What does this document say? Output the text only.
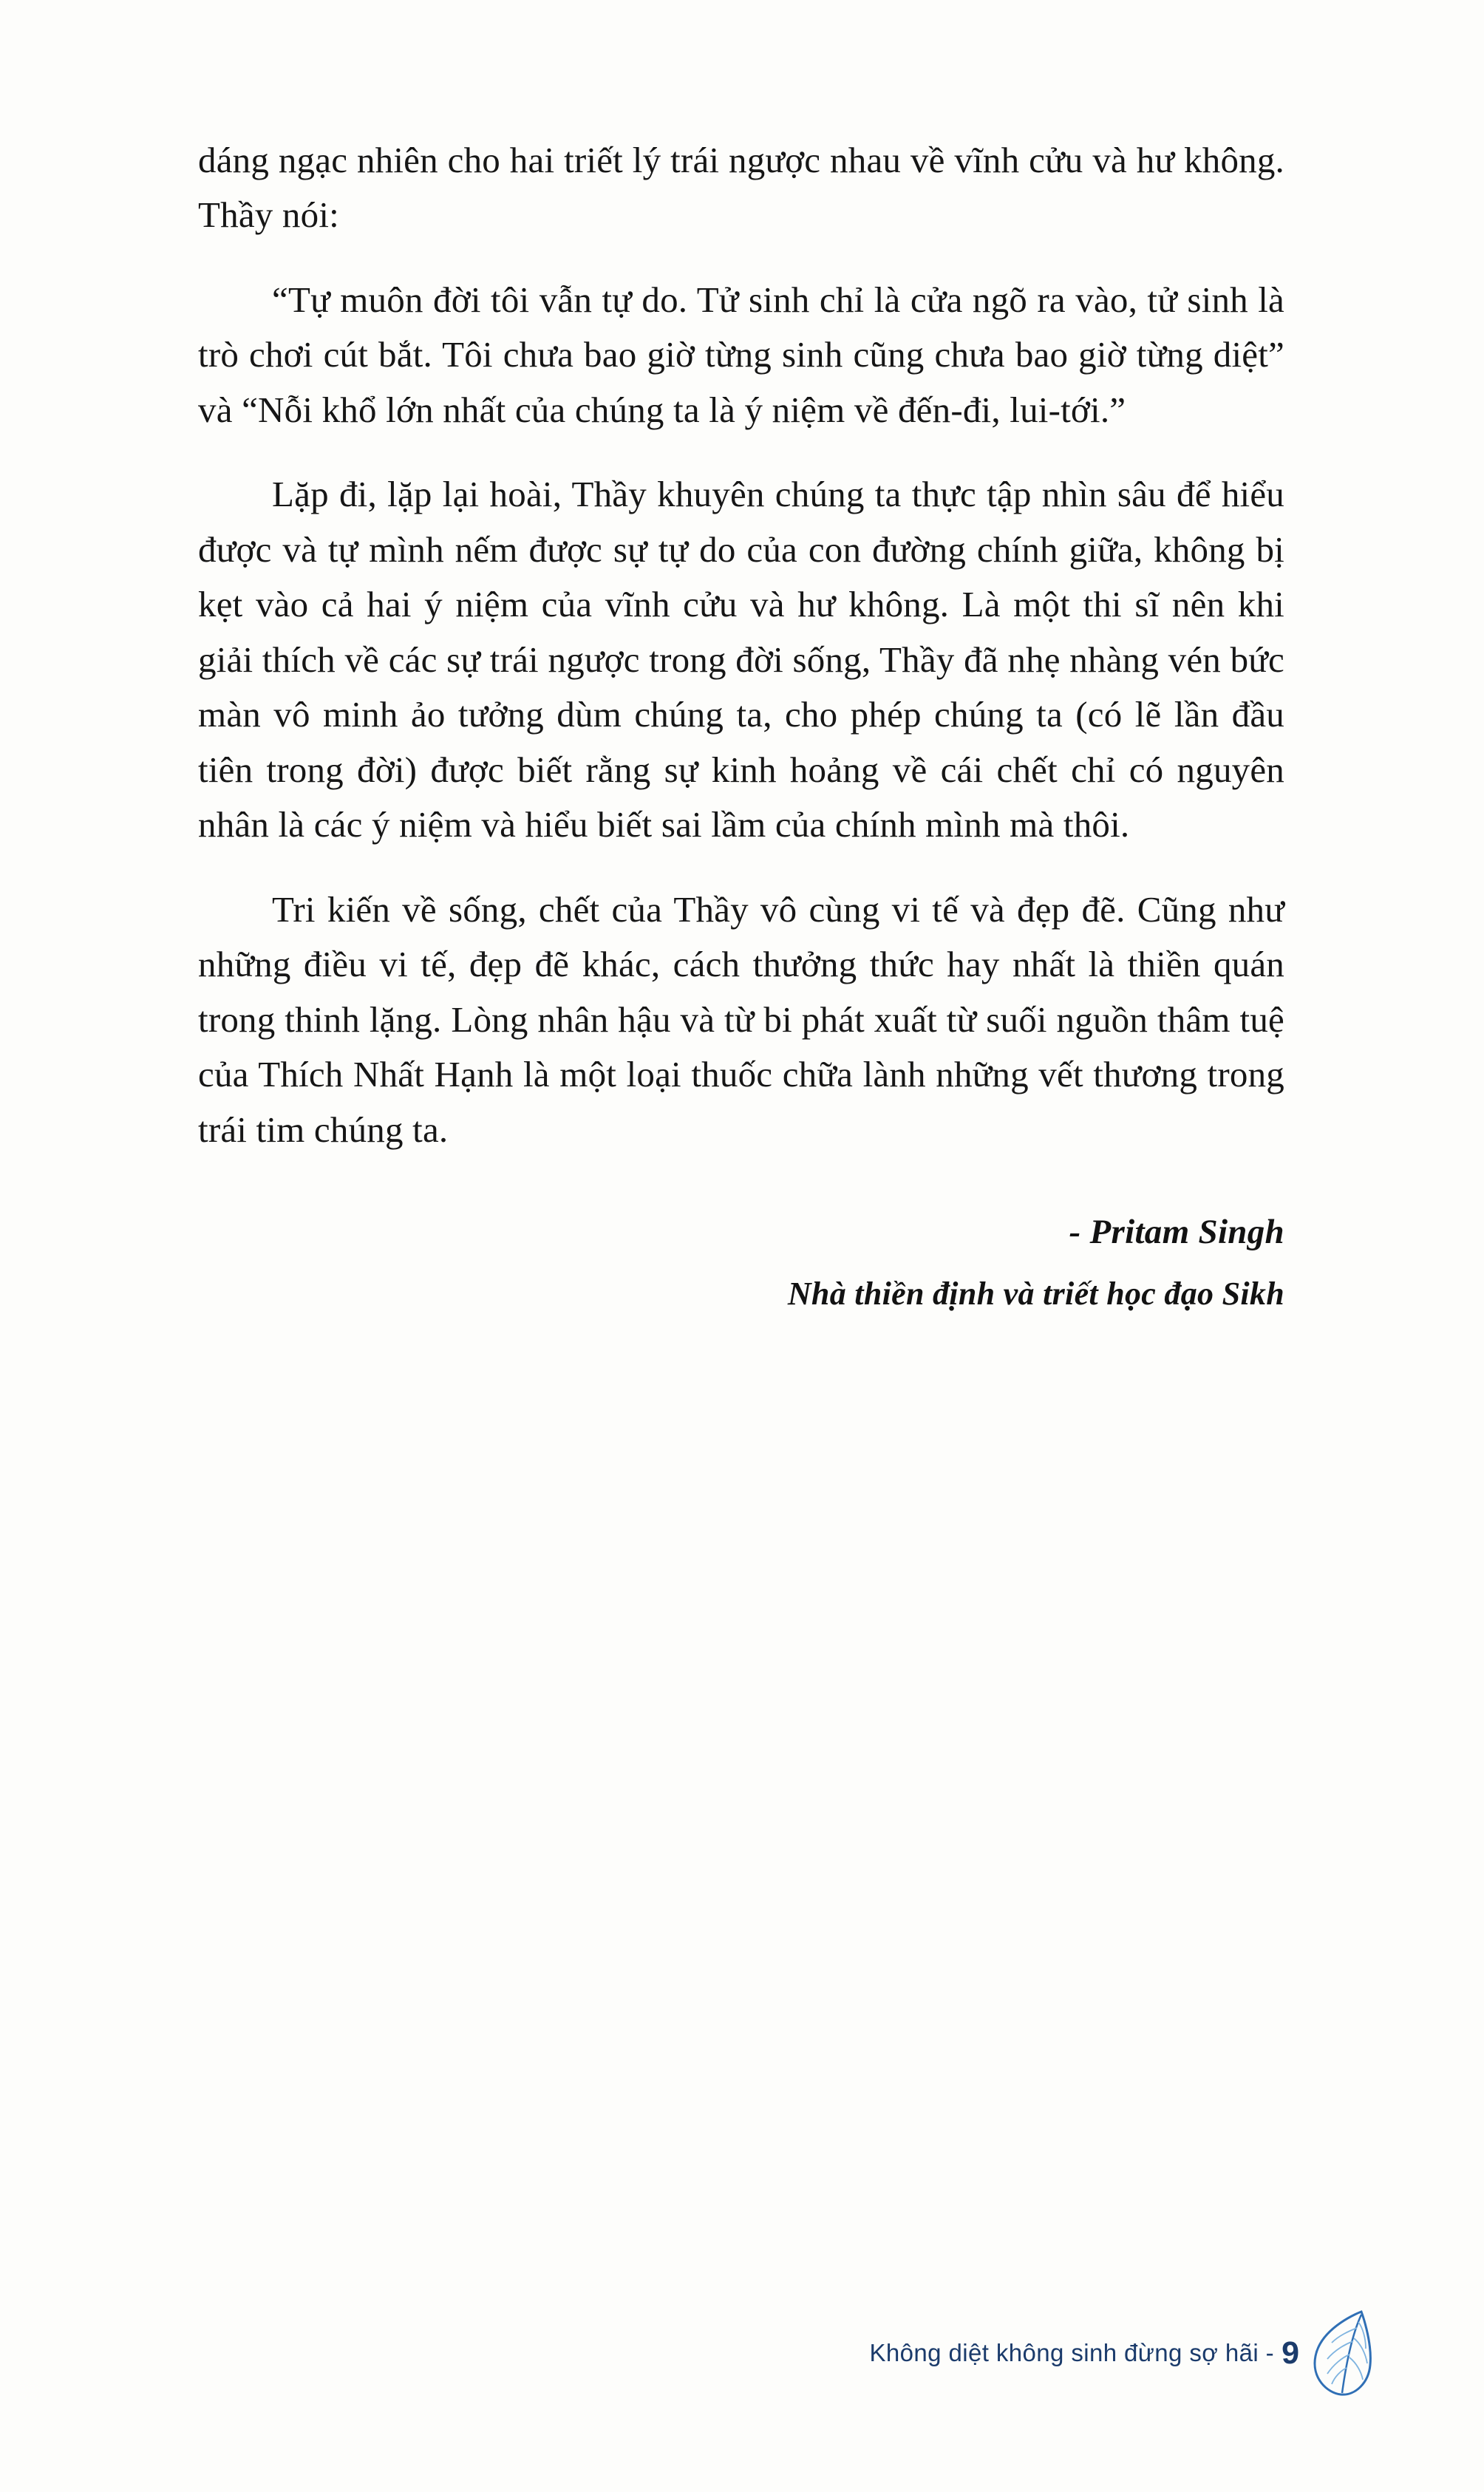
dáng ngạc nhiên cho hai triết lý trái ngược nhau về vĩnh cửu và hư không. Thầy nói:

“Tự muôn đời tôi vẫn tự do. Tử sinh chỉ là cửa ngõ ra vào, tử sinh là trò chơi cút bắt. Tôi chưa bao giờ từng sinh cũng chưa bao giờ từng diệt” và “Nỗi khổ lớn nhất của chúng ta là ý niệm về đến-đi, lui-tới.”

Lặp đi, lặp lại hoài, Thầy khuyên chúng ta thực tập nhìn sâu để hiểu được và tự mình nếm được sự tự do của con đường chính giữa, không bị kẹt vào cả hai ý niệm của vĩnh cửu và hư không. Là một thi sĩ nên khi giải thích về các sự trái ngược trong đời sống, Thầy đã nhẹ nhàng vén bức màn vô minh ảo tưởng dùm chúng ta, cho phép chúng ta (có lẽ lần đầu tiên trong đời) được biết rằng sự kinh hoảng về cái chết chỉ có nguyên nhân là các ý niệm và hiểu biết sai lầm của chính mình mà thôi.

Tri kiến về sống, chết của Thầy vô cùng vi tế và đẹp đẽ. Cũng như những điều vi tế, đẹp đẽ khác, cách thưởng thức hay nhất là thiền quán trong thinh lặng. Lòng nhân hậu và từ bi phát xuất từ suối nguồn thâm tuệ của Thích Nhất Hạnh là một loại thuốc chữa lành những vết thương trong trái tim chúng ta.

- Pritam Singh
Nhà thiền định và triết học đạo Sikh
Không diệt không sinh đừng sợ hãi - 9
